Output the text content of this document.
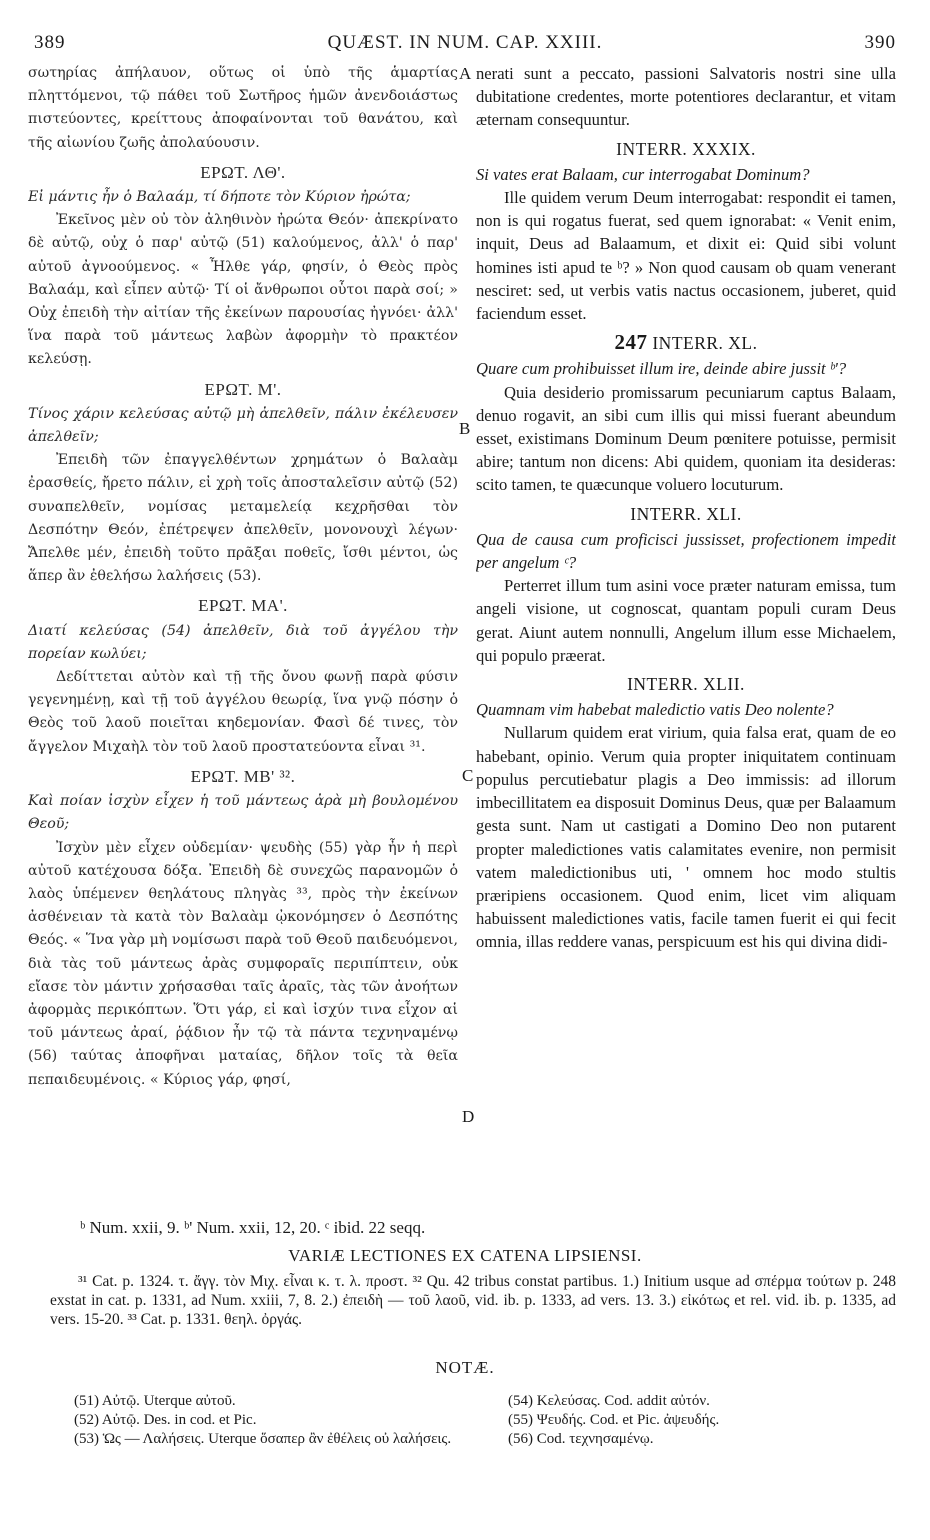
389	QUÆST. IN NUM. CAP. XXIII.	390
A
B
C
D

σωτηρίας ἀπήλαυον, οὕτως οἱ ὑπὸ τῆς ἁμαρτίας πληττόμενοι, τῷ πάθει τοῦ Σωτῆρος ἡμῶν ἀνενδοιάστως πιστεύοντες, κρείττους ἀποφαίνονται τοῦ θανάτου, καὶ τῆς αἰωνίου ζωῆς ἀπολαύουσιν.

ΕΡΩΤ. ΛΘ'.

Εἰ μάντις ἦν ὁ Βαλαάμ, τί δήποτε τὸν Κύριον ἠρώτα;

Ἐκεῖνος μὲν οὐ τὸν ἀληθινὸν ἠρώτα Θεόν· ἀπεκρίνατο δὲ αὐτῷ, οὐχ ὁ παρ' αὐτῷ (51) καλούμενος, ἀλλ' ὁ παρ' αὐτοῦ ἀγνοούμενος. « Ἦλθε γάρ, φησίν, ὁ Θεὸς πρὸς Βαλαάμ, καὶ εἶπεν αὐτῷ· Τί οἱ ἄνθρωποι οὗτοι παρὰ σοί; » Οὐχ ἐπειδὴ τὴν αἰτίαν τῆς ἐκείνων παρουσίας ἠγνόει· ἀλλ' ἵνα παρὰ τοῦ μάντεως λαβὼν ἀφορμὴν τὸ πρακτέον κελεύσῃ.

ΕΡΩΤ. Μ'.

Τίνος χάριν κελεύσας αὐτῷ μὴ ἀπελθεῖν, πάλιν ἐκέλευσεν ἀπελθεῖν;

Ἐπειδὴ τῶν ἐπαγγελθέντων χρημάτων ὁ Βαλαὰμ ἐρασθείς, ἤρετο πάλιν, εἰ χρὴ τοῖς ἀποσταλεῖσιν αὐτῷ (52) συναπελθεῖν, νομίσας μεταμελείᾳ κεχρῆσθαι τὸν Δεσπότην Θεόν, ἐπέτρεψεν ἀπελθεῖν, μονονουχὶ λέγων· Ἄπελθε μέν, ἐπειδὴ τοῦτο πρᾶξαι ποθεῖς, ἴσθι μέντοι, ὡς ἅπερ ἂν ἐθελήσω λαλήσεις (53).

ΕΡΩΤ. ΜΑ'.

Διατί κελεύσας (54) ἀπελθεῖν, διὰ τοῦ ἀγγέλου τὴν πορείαν κωλύει;

Δεδίττεται αὐτὸν καὶ τῇ τῆς ὄνου φωνῇ παρὰ φύσιν γεγενημένῃ, καὶ τῇ τοῦ ἀγγέλου θεωρίᾳ, ἵνα γνῷ πόσην ὁ Θεὸς τοῦ λαοῦ ποιεῖται κηδεμονίαν. Φασὶ δέ τινες, τὸν ἄγγελον Μιχαὴλ τὸν τοῦ λαοῦ προστατεύοντα εἶναι ³¹.

ΕΡΩΤ. ΜΒ' ³².

Καὶ ποίαν ἰσχὺν εἶχεν ἡ τοῦ μάντεως ἀρὰ μὴ βουλομένου Θεοῦ;

Ἰσχὺν μὲν εἶχεν οὐδεμίαν· ψευδὴς (55) γὰρ ἦν ἡ περὶ αὐτοῦ κατέχουσα δόξα. Ἐπειδὴ δὲ συνεχῶς παρανομῶν ὁ λαὸς ὑπέμενεν θεηλάτους πληγὰς ³³, πρὸς τὴν ἐκείνων ἀσθένειαν τὰ κατὰ τὸν Βαλαὰμ ᾠκονόμησεν ὁ Δεσπότης Θεός. « Ἵνα γὰρ μὴ νομίσωσι παρὰ τοῦ Θεοῦ παιδευόμενοι, διὰ τὰς τοῦ μάντεως ἀρὰς συμφοραῖς περιπίπτειν, οὐκ εἴασε τὸν μάντιν χρήσασθαι ταῖς ἀραῖς, τὰς τῶν ἀνοήτων ἀφορμὰς περικόπτων. Ὅτι γάρ, εἰ καὶ ἰσχύν τινα εἶχον αἱ τοῦ μάντεως ἀραί, ῥᾴδιον ἦν τῷ τὰ πάντα τεχνηναμένῳ (56) ταύτας ἀποφῆναι ματαίας, δῆλον τοῖς τὰ θεῖα πεπαιδευμένοις. « Κύριος γάρ, φησί,

nerati sunt a peccato, passioni Salvatoris nostri sine ulla dubitatione credentes, morte potentiores declarantur, et vitam æternam consequuntur.

INTERR. XXXIX.

Si vates erat Balaam, cur interrogabat Dominum?

Ille quidem verum Deum interrogabat: respondit ei tamen, non is qui rogatus fuerat, sed quem ignorabat: « Venit enim, inquit, Deus ad Balaamum, et dixit ei: Quid sibi volunt homines isti apud te ᵇ? » Non quod causam ob quam venerant nesciret: sed, ut verbis vatis nactus occasionem, juberet, quid faciendum esset.

247 INTERR. XL.

Quare cum prohibuisset illum ire, deinde abire jussit ᵇ'?

Quia desiderio promissarum pecuniarum captus Balaam, denuo rogavit, an sibi cum illis qui missi fuerant abeundum esset, existimans Dominum Deum pœnitere potuisse, permisit abire; tantum non dicens: Abi quidem, quoniam ita desideras: scito tamen, te quæcunque voluero locuturum.

INTERR. XLI.

Qua de causa cum proficisci jussisset, profectionem impedit per angelum ᶜ?

Perterret illum tum asini voce præter naturam emissa, tum angeli visione, ut cognoscat, quantam populi curam Deus gerat. Aiunt autem nonnulli, Angelum illum esse Michaelem, qui populo præerat.

INTERR. XLII.

Quamnam vim habebat maledictio vatis Deo nolente?

Nullarum quidem erat virium, quia falsa erat, quam de eo habebant, opinio. Verum quia propter iniquitatem continuam populus percutiebatur plagis a Deo immissis: ad illorum imbecillitatem ea disposuit Dominus Deus, quæ per Balaamum gesta sunt. Nam ut castigati a Domino Deo non putarent propter maledictiones vatis calamitates evenire, non permisit vatem maledictionibus uti, ' omnem hoc modo stultis præripiens occasionem. Quod enim, licet vim aliquam habuissent maledictiones vatis, facile tamen fuerit ei qui fecit omnia, illas reddere vanas, perspicuum est his qui divina didi-

ᵇ Num. xxii, 9. ᵇ' Num. xxii, 12, 20. ᶜ ibid. 22 seqq.
VARIÆ LECTIONES EX CATENA LIPSIENSI.
³¹ Cat. p. 1324. τ. ἄγγ. τὸν Μιχ. εἶναι κ. τ. λ. προστ. ³² Qu. 42 tribus constat partibus. 1.) Initium usque ad σπέρμα τούτων p. 248 exstat in cat. p. 1331, ad Num. xxiii, 7, 8. 2.) ἐπειδὴ — τοῦ λαοῦ, vid. ib. p. 1333, ad vers. 13. 3.) εἰκότως et rel. vid. ib. p. 1335, ad vers. 15-20. ³³ Cat. p. 1331. θεηλ. ὀργάς.
NOTÆ.
(51) Αὐτῷ. Uterque αὐτοῦ.
(52) Αὐτῷ. Des. in cod. et Pic.
(53) Ὡς — Λαλήσεις. Uterque ὅσαπερ ἂν ἐθέλεις οὐ λαλήσεις.
(54) Κελεύσας. Cod. addit αὐτόν.
(55) Ψευδής. Cod. et Pic. ἀψευδής.
(56) Cod. τεχνησαμένῳ.
